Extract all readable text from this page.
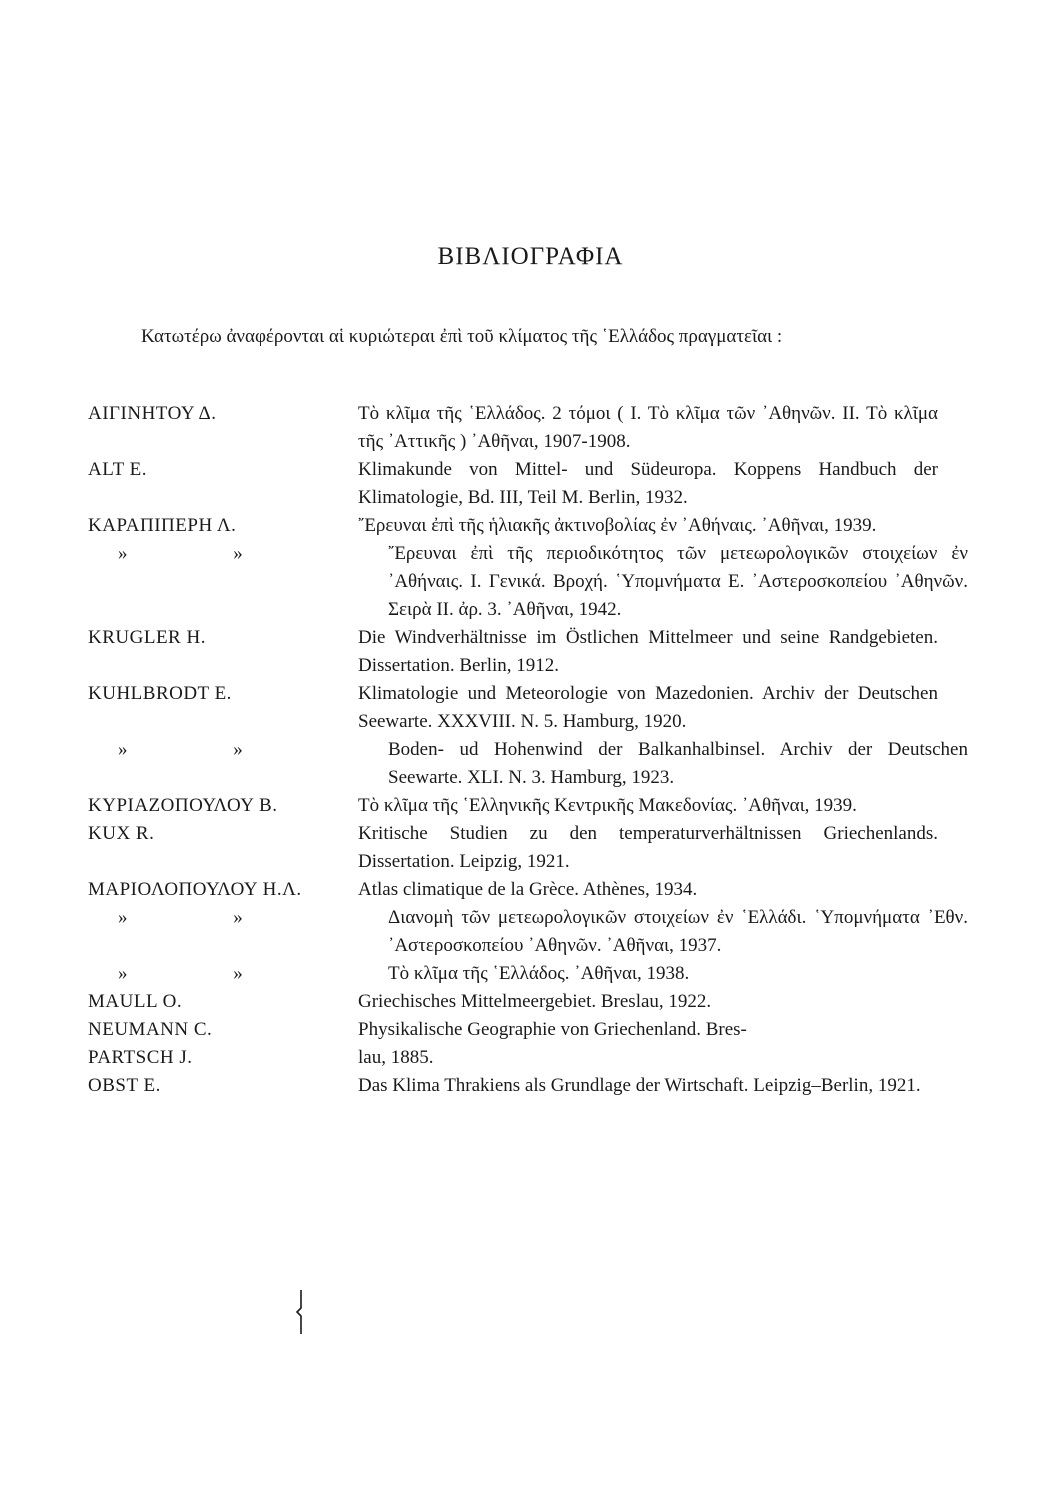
ΒΙΒΛΙΟΓΡΑΦΙΑ
Κατωτέρω ἀναφέρονται αἱ κυριώτεραι ἐπὶ τοῦ κλίματος τῆς ῾Ελλάδος πραγματεῖαι :
ΑΙΓΙΝΗΤΟΥ Δ.	Τὸ κλῖμα τῆς ῾Ελλάδος. 2 τόμοι ( Ι. Τὸ κλῖμα τῶν ᾿Αθηνῶν. ΙΙ. Τὸ κλῖμα τῆς ᾿Αττικῆς ) ᾿Αθῆναι, 1907-1908.
ALT E.	Klimakunde von Mittel- und Südeuropa. Koppens Handbuch der Klimatologie, Bd. III, Teil M. Berlin, 1932.
ΚΑΡΑΠΙΠΕΡΗ Λ.	῎Ερευναι ἐπὶ τῆς ἡλιακῆς ἀκτινοβολίας ἐν ᾿Αθήναις. ᾿Αθῆναι, 1939.
» »	῎Ερευναι ἐπὶ τῆς περιοδικότητος τῶν μετεωρολογικῶν στοιχείων ἐν ᾿Αθήναις. Ι. Γενικά. Βροχή. ῾Υπομνήματα Ε. ᾿Αστεροσκοπείου ᾿Αθηνῶν. Σειρὰ ΙΙ. ἀρ. 3. ᾿Αθῆναι, 1942.
KRUGLER H.	Die Windverhältnisse im Östlichen Mittelmeer und seine Randgebieten. Dissertation. Berlin, 1912.
KUHLBRODT E.	Klimatologie und Meteorologie von Mazedonien. Archiv der Deutschen Seewarte. XXXVIII. N. 5. Hamburg, 1920.
» »	Boden- ud Hohenwind der Balkanhalbinsel. Archiv der Deutschen Seewarte. XLI. N. 3. Hamburg, 1923.
ΚΥΡΙΑΖΟΠΟΥΛΟΥ Β.	Τὸ κλῖμα τῆς ῾Ελληνικῆς Κεντρικῆς Μακεδονίας. ᾿Αθῆναι, 1939.
KUX R.	Kritische Studien zu den temperaturverhältnissen Griechenlands. Dissertation. Leipzig, 1921.
ΜΑΡΙΟΛΟΠΟΥΛΟΥ Η.Λ.	Atlas climatique de la Grèce. Athènes, 1934.
» »	Διανομὴ τῶν μετεωρολογικῶν στοιχείων ἐν ῾Ελλάδι. ῾Υπομνήματα ᾿Εθν. ᾿Αστεροσκοπείου ᾿Αθηνῶν. ᾿Αθῆναι, 1937.
» »	Τὸ κλῖμα τῆς ῾Ελλάδος. ᾿Αθῆναι, 1938.
MAULL O.	Griechisches Mittelmeergebiet. Breslau, 1922.
NEUMANN C.	Physikalische Geographie von Griechenland. Bres-
PARTSCH J.	lau, 1885.
OBST E.	Das Klima Thrakiens als Grundlage der Wirtschaft. Leipzig–Berlin, 1921.
